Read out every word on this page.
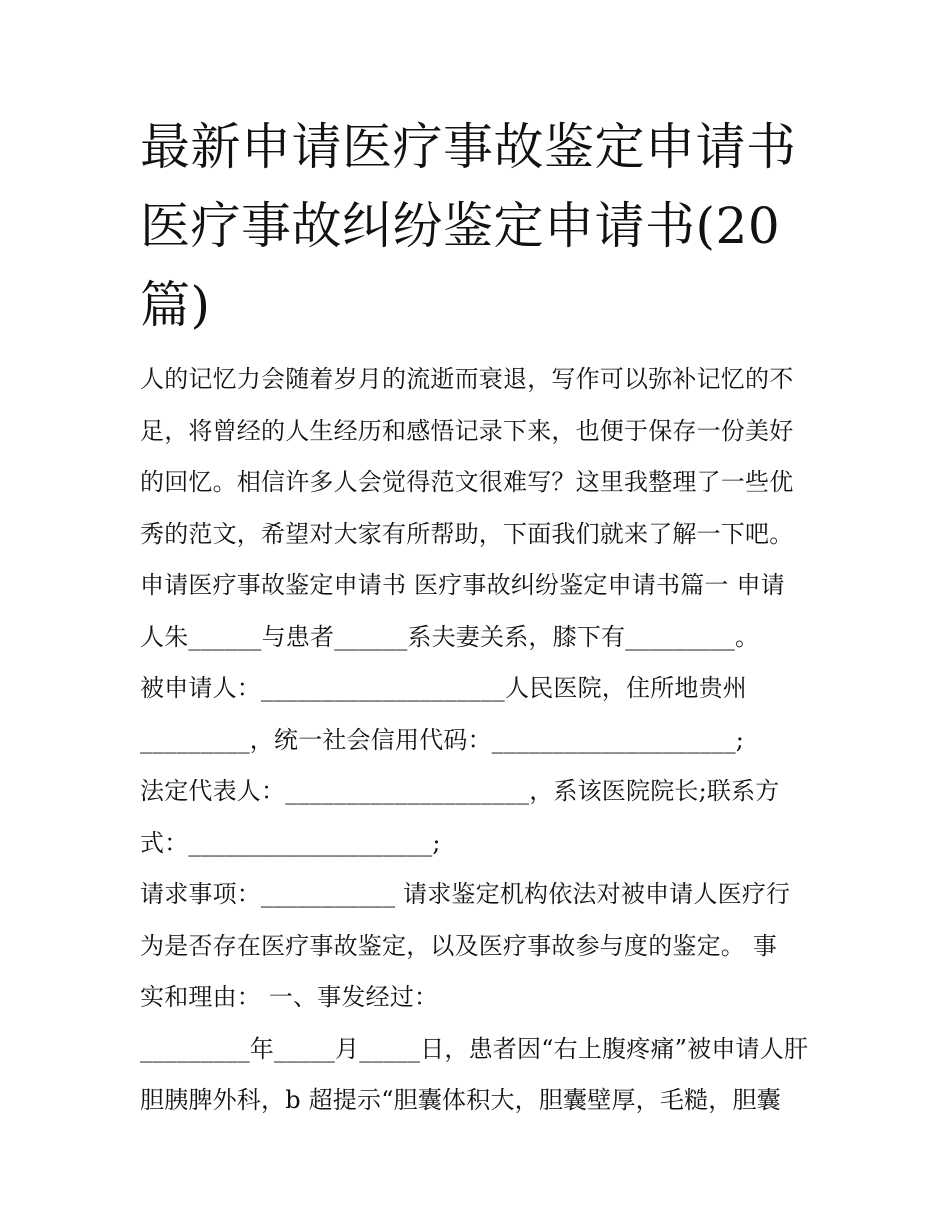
最新申请医疗事故鉴定申请书
医疗事故纠纷鉴定申请书(20
篇)
人的记忆力会随着岁月的流逝而衰退，写作可以弥补记忆的不
足，将曾经的人生经历和感悟记录下来，也便于保存一份美好
的回忆。相信许多人会觉得范文很难写？这里我整理了一些优
秀的范文，希望对大家有所帮助，下面我们就来了解一下吧。
申请医疗事故鉴定申请书 医疗事故纠纷鉴定申请书篇一 申请
人朱______与患者______系夫妻关系，膝下有_________。
被申请人：____________________人民医院，住所地贵州
_________，统一社会信用代码：____________________;
法定代表人：____________________，系该医院院长;联系方
式：____________________;
请求事项：___________ 请求鉴定机构依法对被申请人医疗行
为是否存在医疗事故鉴定，以及医疗事故参与度的鉴定。 事
实和理由： 一、事发经过：
_________年_____月_____日，患者因“右上腹疼痛”被申请人肝
胆胰脾外科，b 超提示“胆囊体积大，胆囊壁厚，毛糙，胆囊
